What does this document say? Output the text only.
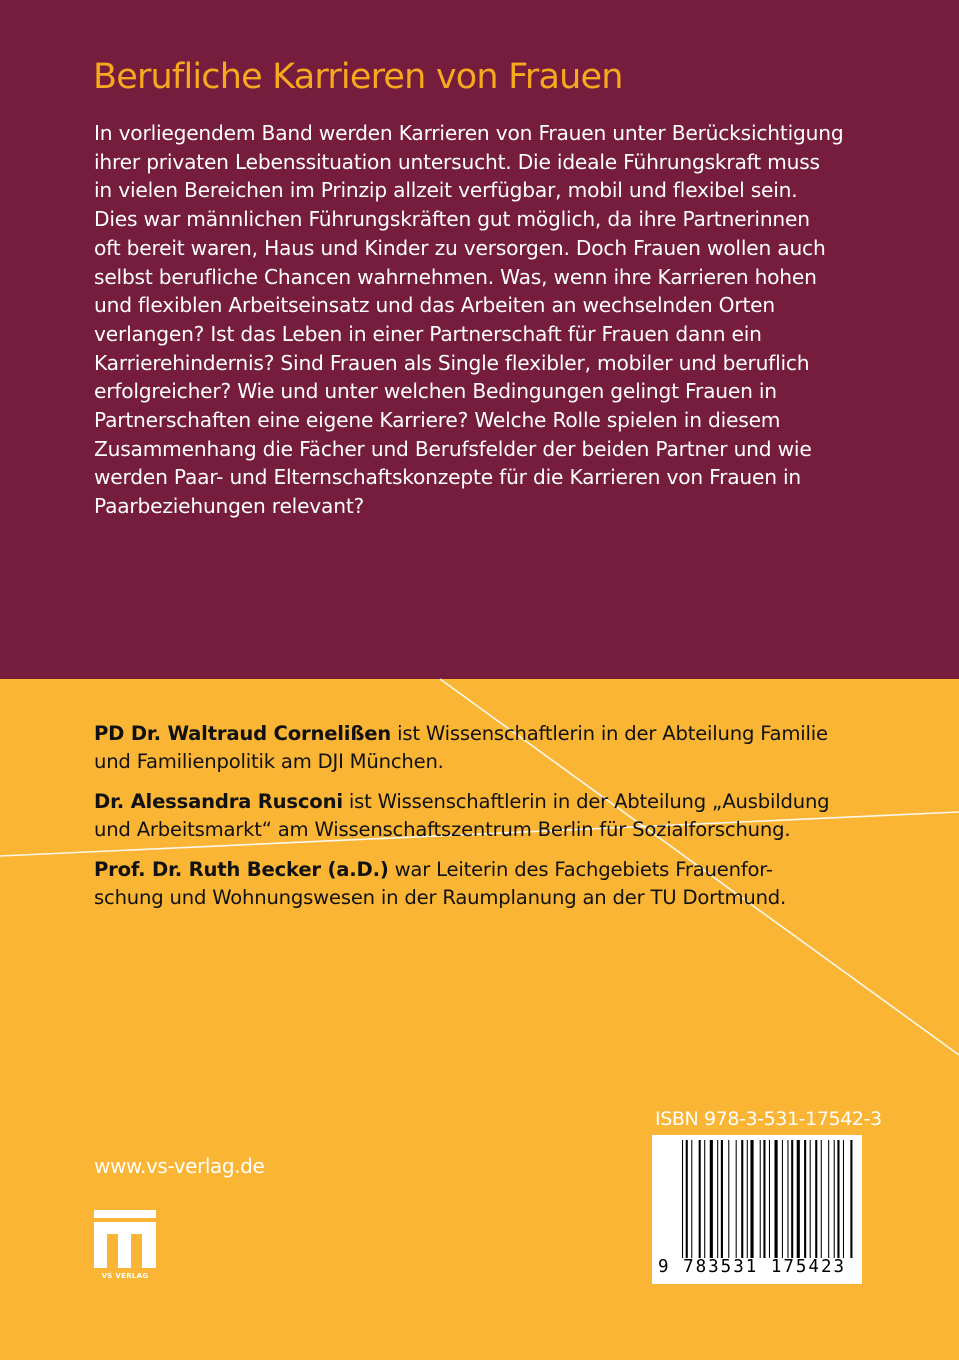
Berufliche Karrieren von Frauen
In vorliegendem Band werden Karrieren von Frauen unter Berücksichtigung
ihrer privaten Lebenssituation untersucht. Die ideale Führungskraft muss
in vielen Bereichen im Prinzip allzeit verfügbar, mobil und flexibel sein.
Dies war männlichen Führungskräften gut möglich, da ihre Partnerinnen
oft bereit waren, Haus und Kinder zu versorgen. Doch Frauen wollen auch
selbst berufliche Chancen wahrnehmen. Was, wenn ihre Karrieren hohen
und flexiblen Arbeitseinsatz und das Arbeiten an wechselnden Orten
verlangen? Ist das Leben in einer Partnerschaft für Frauen dann ein
Karrierehindernis? Sind Frauen als Single flexibler, mobiler und beruflich
erfolgreicher? Wie und unter welchen Bedingungen gelingt Frauen in
Partnerschaften eine eigene Karriere? Welche Rolle spielen in diesem
Zusammenhang die Fächer und Berufsfelder der beiden Partner und wie
werden Paar- und Elternschaftskonzepte für die Karrieren von Frauen in
Paarbeziehungen relevant?
PD Dr. Waltraud Cornelißen ist Wissenschaftlerin in der Abteilung Familie
und Familienpolitik am DJI München.
Dr. Alessandra Rusconi ist Wissenschaftlerin in der Abteilung „Ausbildung
und Arbeitsmarkt“ am Wissenschaftszentrum Berlin für Sozialforschung.
Prof. Dr. Ruth Becker (a.D.) war Leiterin des Fachgebiets Frauenfor-
schung und Wohnungswesen in der Raumplanung an der TU Dortmund.
www.vs-verlag.de
VS VERLAG
ISBN 978-3-531-17542-3
9 783531 175423
